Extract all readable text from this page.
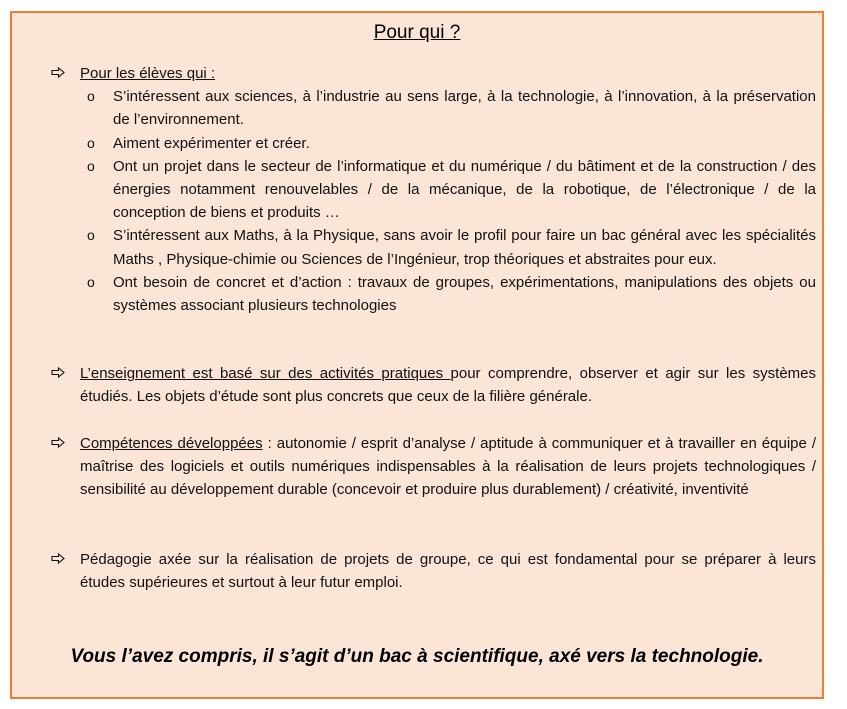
Pour qui ?
Pour les élèves qui :
o S’intéressent aux sciences, à l’industrie au sens large, à la technologie, à l’innovation, à la préservation de l’environnement.
o Aiment expérimenter et créer.
o Ont un projet dans le secteur de l’informatique et du numérique / du bâtiment et de la construction / des énergies notamment renouvelables / de la mécanique, de la robotique, de l’électronique / de la conception de biens et produits …
o S’intéressent aux Maths, à la Physique, sans avoir le profil pour faire un bac général avec les spécialités Maths , Physique-chimie ou Sciences de l’Ingénieur, trop théoriques et abstraites pour eux.
o Ont besoin de concret et d’action : travaux de groupes, expérimentations, manipulations des objets ou systèmes associant plusieurs technologies
L’enseignement est basé sur des activités pratiques pour comprendre, observer et agir sur les systèmes étudiés. Les objets d’étude sont plus concrets que ceux de la filière générale.
Compétences développées : autonomie / esprit d’analyse / aptitude à communiquer et à travailler en équipe / maîtrise des logiciels et outils numériques indispensables à la réalisation de leurs projets technologiques / sensibilité au développement durable (concevoir et produire plus durablement) / créativité, inventivité
Pédagogie axée sur la réalisation de projets de groupe, ce qui est fondamental pour se préparer à leurs études supérieures et surtout à leur futur emploi.
Vous l’avez compris, il s’agit d’un bac à scientifique, axé vers la technologie.
